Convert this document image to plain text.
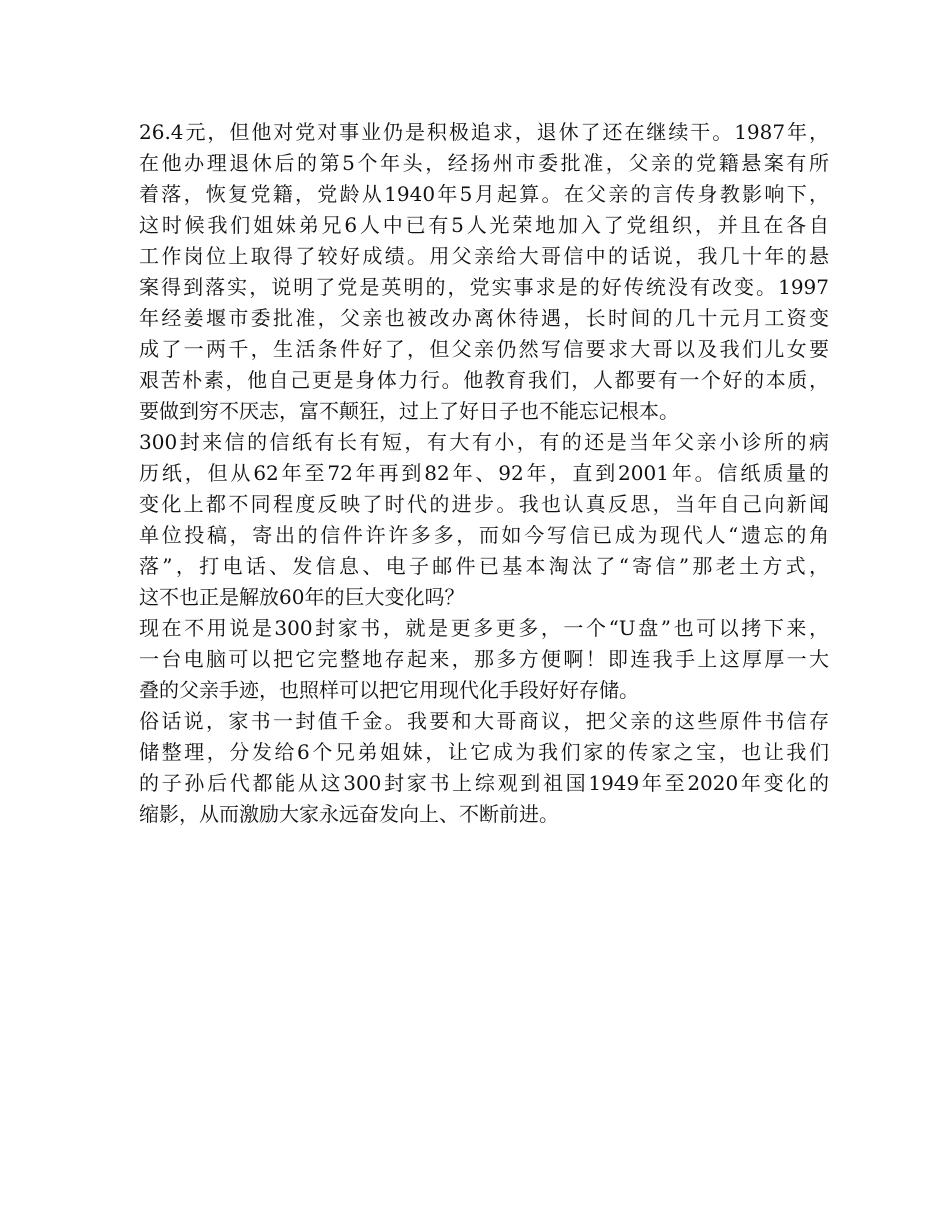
26.4元，但他对党对事业仍是积极追求，退休了还在继续干。1987年，
在他办理退休后的第5个年头，经扬州市委批准，父亲的党籍悬案有所
着落，恢复党籍，党龄从1940年5月起算。在父亲的言传身教影响下，
这时候我们姐妹弟兄6人中已有5人光荣地加入了党组织，并且在各自
工作岗位上取得了较好成绩。用父亲给大哥信中的话说，我几十年的悬
案得到落实，说明了党是英明的，党实事求是的好传统没有改变。1997
年经姜堰市委批准，父亲也被改办离休待遇，长时间的几十元月工资变
成了一两千，生活条件好了，但父亲仍然写信要求大哥以及我们儿女要
艰苦朴素，他自己更是身体力行。他教育我们，人都要有一个好的本质，
要做到穷不厌志，富不颠狂，过上了好日子也不能忘记根本。
300封来信的信纸有长有短，有大有小，有的还是当年父亲小诊所的病
历纸，但从62年至72年再到82年、92年，直到2001年。信纸质量的
变化上都不同程度反映了时代的进步。我也认真反思，当年自己向新闻
单位投稿，寄出的信件许许多多，而如今写信已成为现代人“遗忘的角
落”，打电话、发信息、电子邮件已基本淘汰了“寄信”那老土方式，
这不也正是解放60年的巨大变化吗？
现在不用说是300封家书，就是更多更多，一个“U盘”也可以拷下来，
一台电脑可以把它完整地存起来，那多方便啊！即连我手上这厚厚一大
叠的父亲手迹，也照样可以把它用现代化手段好好存储。
俗话说，家书一封值千金。我要和大哥商议，把父亲的这些原件书信存
储整理，分发给6个兄弟姐妹，让它成为我们家的传家之宝，也让我们
的子孙后代都能从这300封家书上综观到祖国1949年至2020年变化的
缩影，从而激励大家永远奋发向上、不断前进。
